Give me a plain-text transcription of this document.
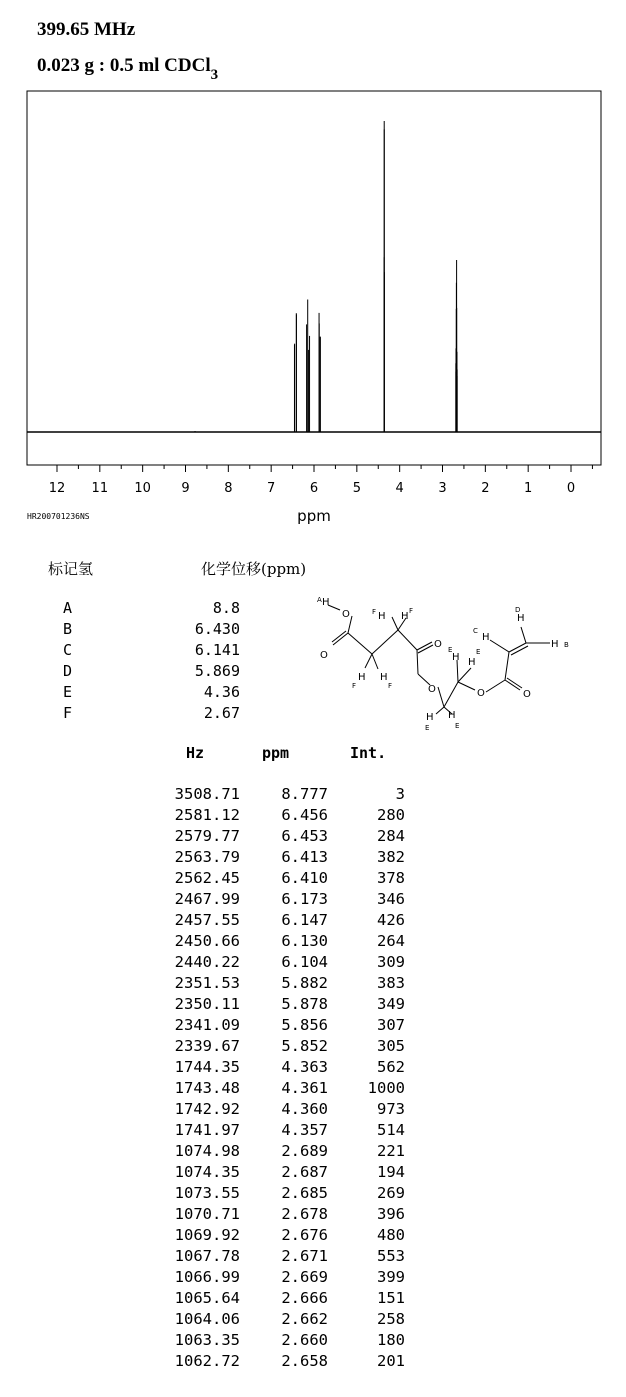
399.65 MHz
0.023 g : 0.5 ml CDCl$_3$
12 11 10 9	8	7	6	5	4	3	2	1	0
HR200701236NS	ppm
标记氢	化学位移(ppm)
A	8.8
B	6.430
C	6.141
D	5.869
E	4.36
F	2.67
A H
O
O
F H H F
F
H H
F
O
O
E
H H
E
H
E
H
E
O	O
C
H
D
H
H B
Hz	ppm	Int.
3508.71	8.777	3
2581.12	6.456	280
2579.77	6.453	284
2563.79	6.413	382
2562.45	6.410	378
2467.99	6.173	346
2457.55	6.147	426
2450.66	6.130	264
2440.22	6.104	309
2351.53	5.882	383
2350.11	5.878	349
2341.09	5.856	307
2339.67	5.852	305
1744.35	4.363	562
1743.48	4.361	1000
1742.92	4.360	973
1741.97	4.357	514
1074.98	2.689	221
1074.35	2.687	194
1073.55	2.685	269
1070.71	2.678	396
1069.92	2.676	480
1067.78	2.671	553
1066.99	2.669	399
1065.64	2.666	151
1064.06	2.662	258
1063.35	2.660	180
1062.72	2.658	201
